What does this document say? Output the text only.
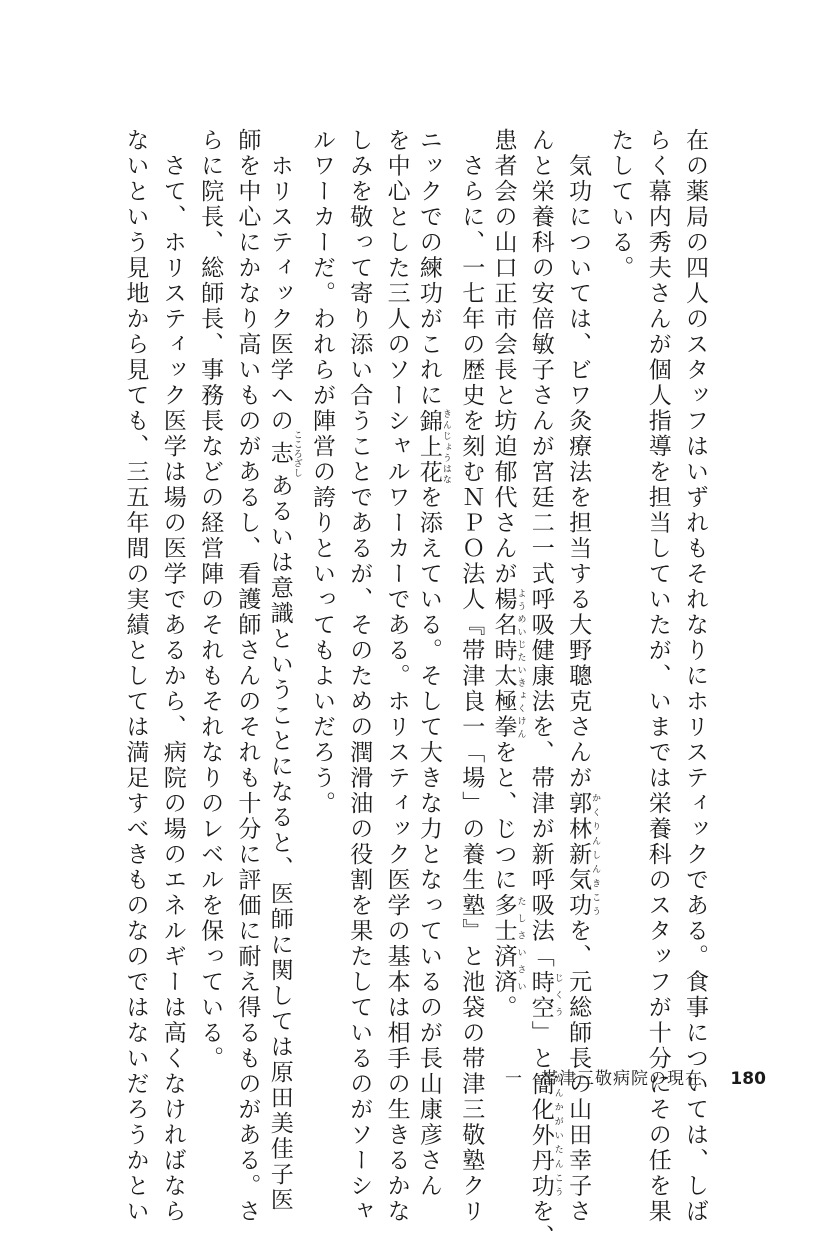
在の薬局の四人のスタッフはいずれもそれなりにホリスティックである。食事については、しば
らく幕内秀夫さんが個人指導を担当していたが、いまでは栄養科のスタッフが十分にその任を果
たしている。
　気功については、ビワ灸療法を担当する大野聰克さんが郭林新気功 かくりんしんきこうを、元総師長の山田幸子さ
んと栄養科の安倍敏子さんが宮廷二一式呼吸健康法を、帯津が新呼吸法「時空 じくう」と簡化外丹功 かんかがいたんこうを、
患者会の山口正市会長と坊迫郁代さんが楊名時太極拳 ようめいじたいきょくけんをと、じつに多士済済 たしさいさい。
　さらに、一七年の歴史を刻むＮＰＯ法人『帯津良一「場」の養生塾』と池袋の帯津三敬塾クリ
ニックでの練功がこれに錦上花 きんじょうはなを添えている。そして大きな力となっているのが長山康彦さん
を中心とした三人のソーシャルワーカーである。ホリスティック医学の基本は相手の生きるかな
しみを敬って寄り添い合うことであるが、そのための潤滑油の役割を果たしているのがソーシャ
ルワーカーだ。われらが陣営の誇りといってもよいだろう。
　ホリスティック医学への志 こころざしあるいは意識ということになると、医師に関しては原田美佳子医
師を中心にかなり高いものがあるし、看護師さんのそれも十分に評価に耐え得るものがある。さ
らに院長、総師長、事務長などの経営陣のそれもそれなりのレベルを保っている。
　さて、ホリスティック医学は場の医学であるから、病院の場のエネルギーは高くなければなら
ないという見地から見ても、三五年間の実績としては満足すべきものなのではないだろうかとい	一　帯津三敬病院の現在 180
